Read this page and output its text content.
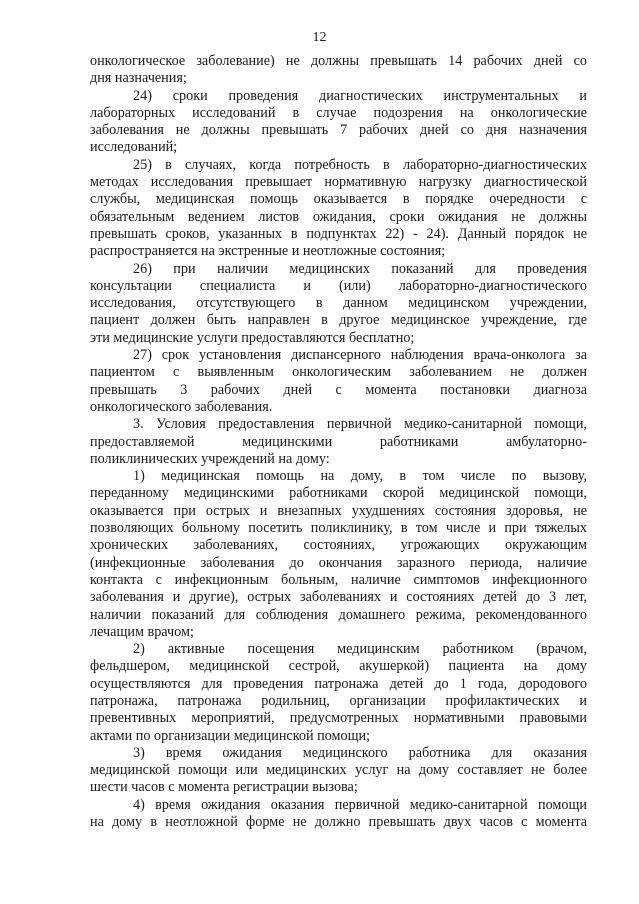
12
онкологическое заболевание) не должны превышать 14 рабочих дней со
дня назначения;
24) сроки проведения диагностических инструментальных и
лабораторных исследований в случае подозрения на онкологические
заболевания не должны превышать 7 рабочих дней со дня назначения
исследований;
25) в случаях, когда потребность в лабораторно-диагностических
методах исследования превышает нормативную нагрузку диагностической
службы, медицинская помощь оказывается в порядке очередности с
обязательным ведением листов ожидания, сроки ожидания не должны
превышать сроков, указанных в подпунктах 22) - 24). Данный порядок не
распространяется на экстренные и неотложные состояния;
26) при наличии медицинских показаний для проведения
консультации специалиста и (или) лабораторно-диагностического
исследования, отсутствующего в данном медицинском учреждении,
пациент должен быть направлен в другое медицинское учреждение, где
эти медицинские услуги предоставляются бесплатно;
27) срок установления диспансерного наблюдения врача-онколога за
пациентом с выявленным онкологическим заболеванием не должен
превышать 3 рабочих дней с момента постановки диагноза
онкологического заболевания.
3. Условия предоставления первичной медико-санитарной помощи,
предоставляемой медицинскими работниками амбулаторно-
поликлинических учреждений на дому:
1) медицинская помощь на дому, в том числе по вызову,
переданному медицинскими работниками скорой медицинской помощи,
оказывается при острых и внезапных ухудшениях состояния здоровья, не
позволяющих больному посетить поликлинику, в том числе и при тяжелых
хронических заболеваниях, состояниях, угрожающих окружающим
(инфекционные заболевания до окончания заразного периода, наличие
контакта с инфекционным больным, наличие симптомов инфекционного
заболевания и другие), острых заболеваниях и состояниях детей до 3 лет,
наличии показаний для соблюдения домашнего режима, рекомендованного
лечащим врачом;
2) активные посещения медицинским работником (врачом,
фельдшером, медицинской сестрой, акушеркой) пациента на дому
осуществляются для проведения патронажа детей до 1 года, дородового
патронажа, патронажа родильниц, организации профилактических и
превентивных мероприятий, предусмотренных нормативными правовыми
актами по организации медицинской помощи;
3) время ожидания медицинского работника для оказания
медицинской помощи или медицинских услуг на дому составляет не более
шести часов с момента регистрации вызова;
4) время ожидания оказания первичной медико-санитарной помощи
на дому в неотложной форме не должно превышать двух часов с момента
